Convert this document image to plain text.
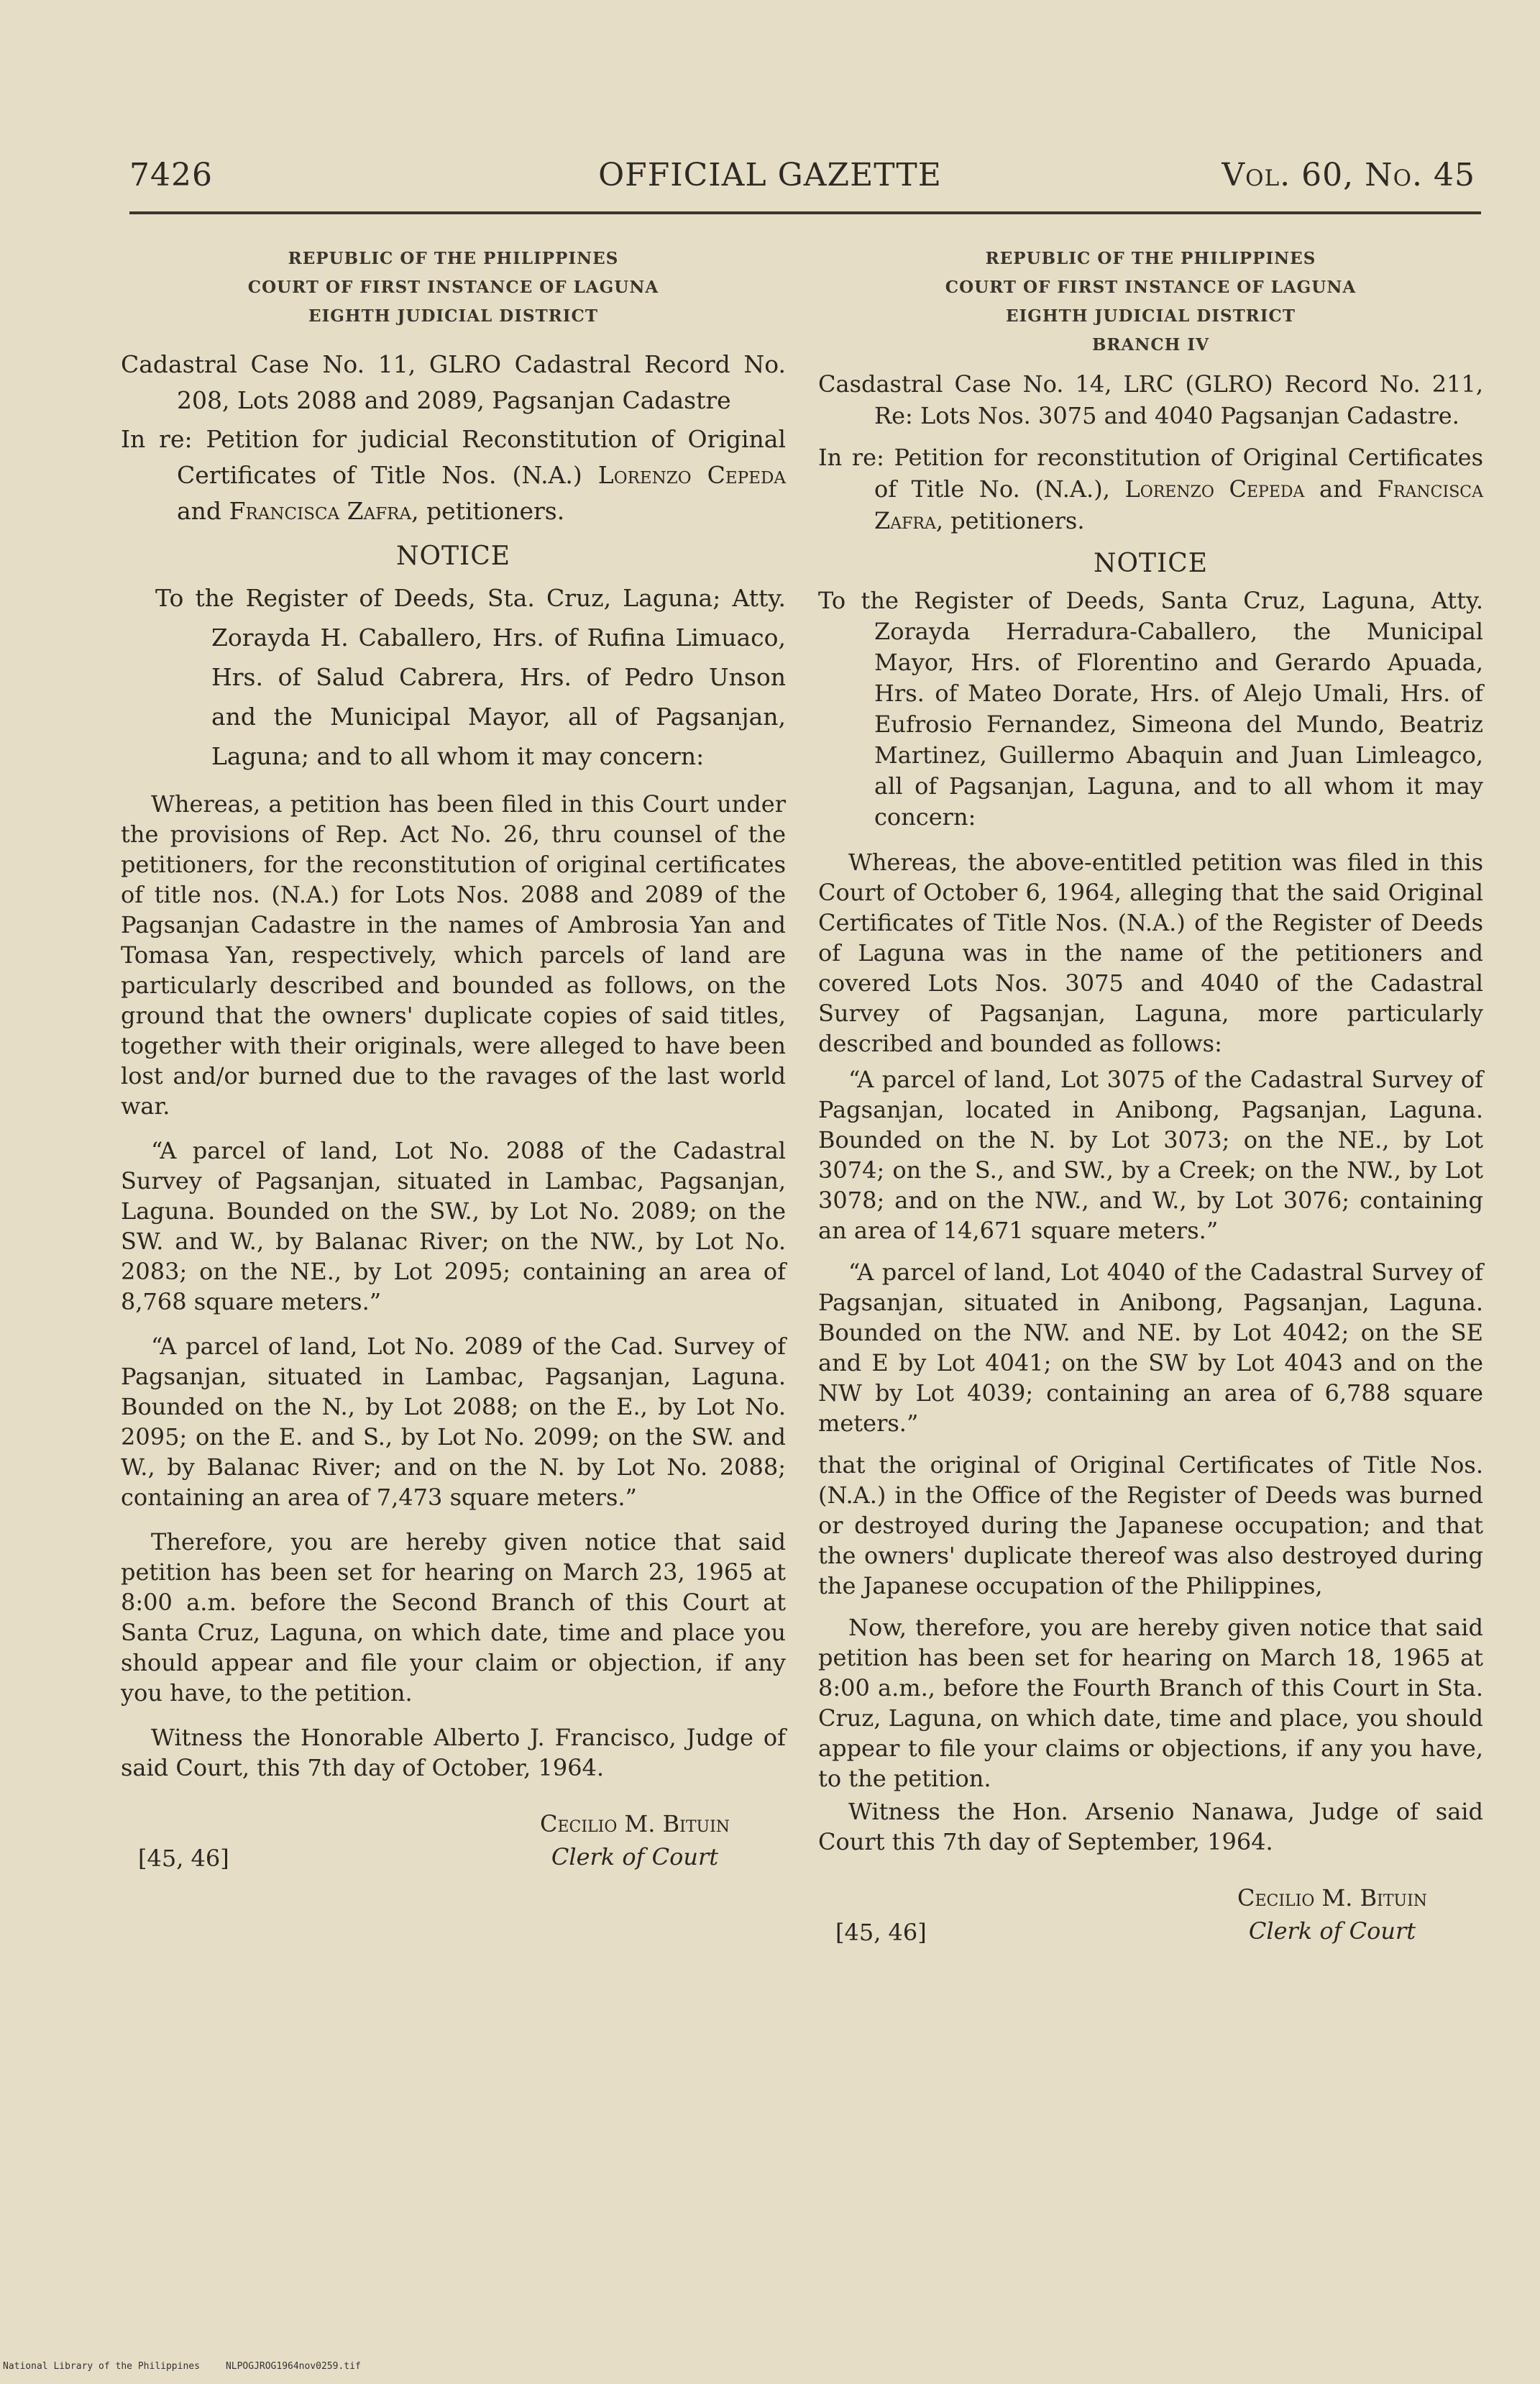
7426	OFFICIAL GAZETTE	Vol. 60, No. 45

REPUBLIC OF THE PHILIPPINES

COURT OF FIRST INSTANCE OF LAGUNA

EIGHTH JUDICIAL DISTRICT

Cadastral Case No. 11, GLRO Cadastral Record No. 208, Lots 2088 and 2089, Pagsanjan Cadastre

In re: Petition for judicial Reconstitution of Original Certificates of Title Nos. (N.A.) Lorenzo Cepeda and Francisca Zafra, petitioners.

NOTICE

To the Register of Deeds, Sta. Cruz, Laguna; Atty. Zorayda H. Caballero, Hrs. of Rufina Limuaco, Hrs. of Salud Cabrera, Hrs. of Pedro Unson and the Municipal Mayor, all of Pagsanjan, Laguna; and to all whom it may concern:

Whereas, a petition has been filed in this Court under the provisions of Rep. Act No. 26, thru counsel of the petitioners, for the reconstitution of original certificates of title nos. (N.A.) for Lots Nos. 2088 and 2089 of the Pagsanjan Cadastre in the names of Ambrosia Yan and Tomasa Yan, respectively, which parcels of land are particularly described and bounded as follows, on the ground that the owners' duplicate copies of said titles, together with their originals, were alleged to have been lost and/or burned due to the ravages of the last world war.

“A parcel of land, Lot No. 2088 of the Cadastral Survey of Pagsanjan, situated in Lambac, Pagsanjan, Laguna. Bounded on the SW., by Lot No. 2089; on the SW. and W., by Balanac River; on the NW., by Lot No. 2083; on the NE., by Lot 2095; containing an area of 8,768 square meters.”

“A parcel of land, Lot No. 2089 of the Cad. Survey of Pagsanjan, situated in Lambac, Pagsanjan, Laguna. Bounded on the N., by Lot 2088; on the E., by Lot No. 2095; on the E. and S., by Lot No. 2099; on the SW. and W., by Balanac River; and on the N. by Lot No. 2088; containing an area of 7,473 square meters.”

Therefore, you are hereby given notice that said petition has been set for hearing on March 23, 1965 at 8:00 a.m. before the Second Branch of this Court at Santa Cruz, Laguna, on which date, time and place you should appear and file your claim or objection, if any you have, to the petition.

Witness the Honorable Alberto J. Francisco, Judge of said Court, this 7th day of October, 1964.

[45, 46]
Cecilio M. Bituin
Clerk of Court

REPUBLIC OF THE PHILIPPINES

COURT OF FIRST INSTANCE OF LAGUNA

EIGHTH JUDICIAL DISTRICT

BRANCH IV

Casdastral Case No. 14, LRC (GLRO) Record No. 211, Re: Lots Nos. 3075 and 4040 Pagsanjan Cadastre.

In re: Petition for reconstitution of Original Certificates of Title No. (N.A.), Lorenzo Cepeda and Francisca Zafra, petitioners.

NOTICE

To the Register of Deeds, Santa Cruz, Laguna, Atty. Zorayda Herradura-Caballero, the Municipal Mayor, Hrs. of Florentino and Gerardo Apuada, Hrs. of Mateo Dorate, Hrs. of Alejo Umali, Hrs. of Eufrosio Fernandez, Simeona del Mundo, Beatriz Martinez, Guillermo Abaquin and Juan Limleagco, all of Pagsanjan, Laguna, and to all whom it may concern:

Whereas, the above-entitled petition was filed in this Court of October 6, 1964, alleging that the said Original Certificates of Title Nos. (N.A.) of the Register of Deeds of Laguna was in the name of the petitioners and covered Lots Nos. 3075 and 4040 of the Cadastral Survey of Pagsanjan, Laguna, more particularly described and bounded as follows:

“A parcel of land, Lot 3075 of the Cadastral Survey of Pagsanjan, located in Anibong, Pagsanjan, Laguna. Bounded on the N. by Lot 3073; on the NE., by Lot 3074; on the S., and SW., by a Creek; on the NW., by Lot 3078; and on the NW., and W., by Lot 3076; containing an area of 14,671 square meters.”

“A parcel of land, Lot 4040 of the Cadastral Survey of Pagsanjan, situated in Anibong, Pagsanjan, Laguna. Bounded on the NW. and NE. by Lot 4042; on the SE and E by Lot 4041; on the SW by Lot 4043 and on the NW by Lot 4039; containing an area of 6,788 square meters.”

that the original of Original Certificates of Title Nos. (N.A.) in the Office of the Register of Deeds was burned or destroyed during the Japanese occupation; and that the owners' duplicate thereof was also destroyed during the Japanese occupation of the Philippines,

Now, therefore, you are hereby given notice that said petition has been set for hearing on March 18, 1965 at 8:00 a.m., before the Fourth Branch of this Court in Sta. Cruz, Laguna, on which date, time and place, you should appear to file your claims or objections, if any you have, to the petition.

Witness the Hon. Arsenio Nanawa, Judge of said Court this 7th day of September, 1964.

[45, 46]
Cecilio M. Bituin
Clerk of Court
National Library of the Philippines	NLPOGJROG1964nov0259.tif
